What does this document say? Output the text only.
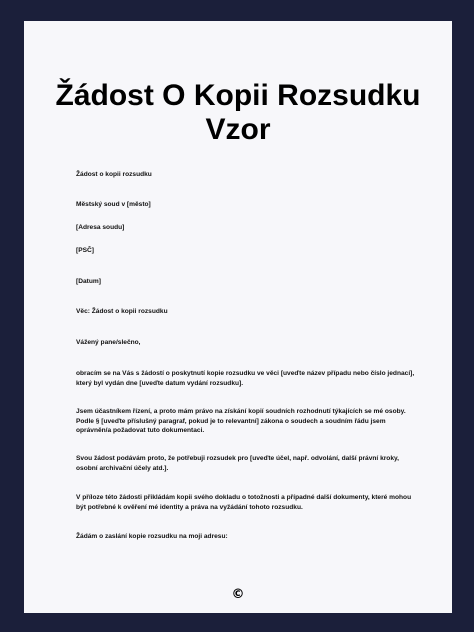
Žádost O Kopii Rozsudku
Vzor

Žádost o kopii rozsudku

Městský soud v [město]

[Adresa soudu]

[PSČ]

[Datum]

Věc: Žádost o kopii rozsudku

Vážený pane/slečno,

obracím se na Vás s žádostí o poskytnutí kopie rozsudku ve věci [uveďte název případu nebo číslo jednací], který byl vydán dne [uveďte datum vydání rozsudku].

Jsem účastníkem řízení, a proto mám právo na získání kopií soudních rozhodnutí týkajících se mé osoby. Podle § [uveďte příslušný paragraf, pokud je to relevantní] zákona o soudech a soudním řádu jsem oprávněn/a požadovat tuto dokumentaci.

Svou žádost podávám proto, že potřebuji rozsudek pro [uveďte účel, např. odvolání, další právní kroky, osobní archivační účely atd.].

V příloze této žádosti přikládám kopii svého dokladu o totožnosti a případné další dokumenty, které mohou být potřebné k ověření mé identity a práva na vyžádání tohoto rozsudku.

Žádám o zaslání kopie rozsudku na moji adresu:

©
